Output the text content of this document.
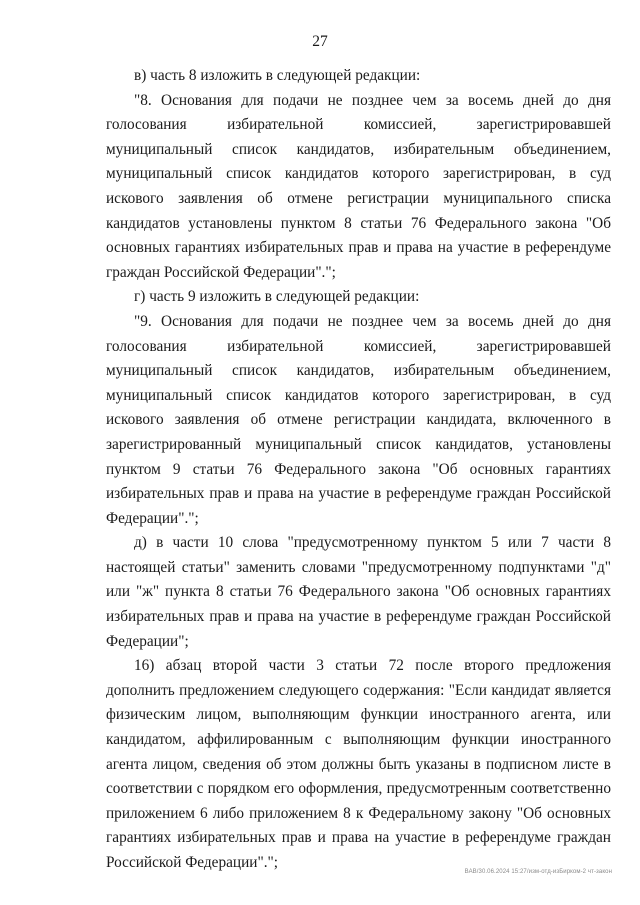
27

в) часть 8 изложить в следующей редакции:

"8. Основания для подачи не позднее чем за восемь дней до дня голосования избирательной комиссией, зарегистрировавшей муниципальный список кандидатов, избирательным объединением, муниципальный список кандидатов которого зарегистрирован, в суд искового заявления об отмене регистрации муниципального списка кандидатов установлены пунктом 8 статьи 76 Федерального закона "Об основных гарантиях избирательных прав и права на участие в референдуме граждан Российской Федерации".";

г) часть 9 изложить в следующей редакции:

"9. Основания для подачи не позднее чем за восемь дней до дня голосования избирательной комиссией, зарегистрировавшей муниципальный список кандидатов, избирательным объединением, муниципальный список кандидатов которого зарегистрирован, в суд искового заявления об отмене регистрации кандидата, включенного в зарегистрированный муниципальный список кандидатов, установлены пунктом 9 статьи 76 Федерального закона "Об основных гарантиях избирательных прав и права на участие в референдуме граждан Российской Федерации".";

д) в части 10 слова "предусмотренному пунктом 5 или 7 части 8 настоящей статьи" заменить словами "предусмотренному подпунктами "д" или "ж" пункта 8 статьи 76 Федерального закона "Об основных гарантиях избирательных прав и права на участие в референдуме граждан Российской Федерации";

16) абзац второй части 3 статьи 72 после второго предложения дополнить предложением следующего содержания: "Если кандидат является физическим лицом, выполняющим функции иностранного агента, или кандидатом, аффилированным с выполняющим функции иностранного агента лицом, сведения об этом должны быть указаны в подписном листе в соответствии с порядком его оформления, предусмотренным соответственно приложением 6 либо приложением 8 к Федеральному закону "Об основных гарантиях избирательных прав и права на участие в референдуме граждан Российской Федерации".";

ВАВ/30.06.2024 15:27/изм-отд-изБирком-2 чт-закон
